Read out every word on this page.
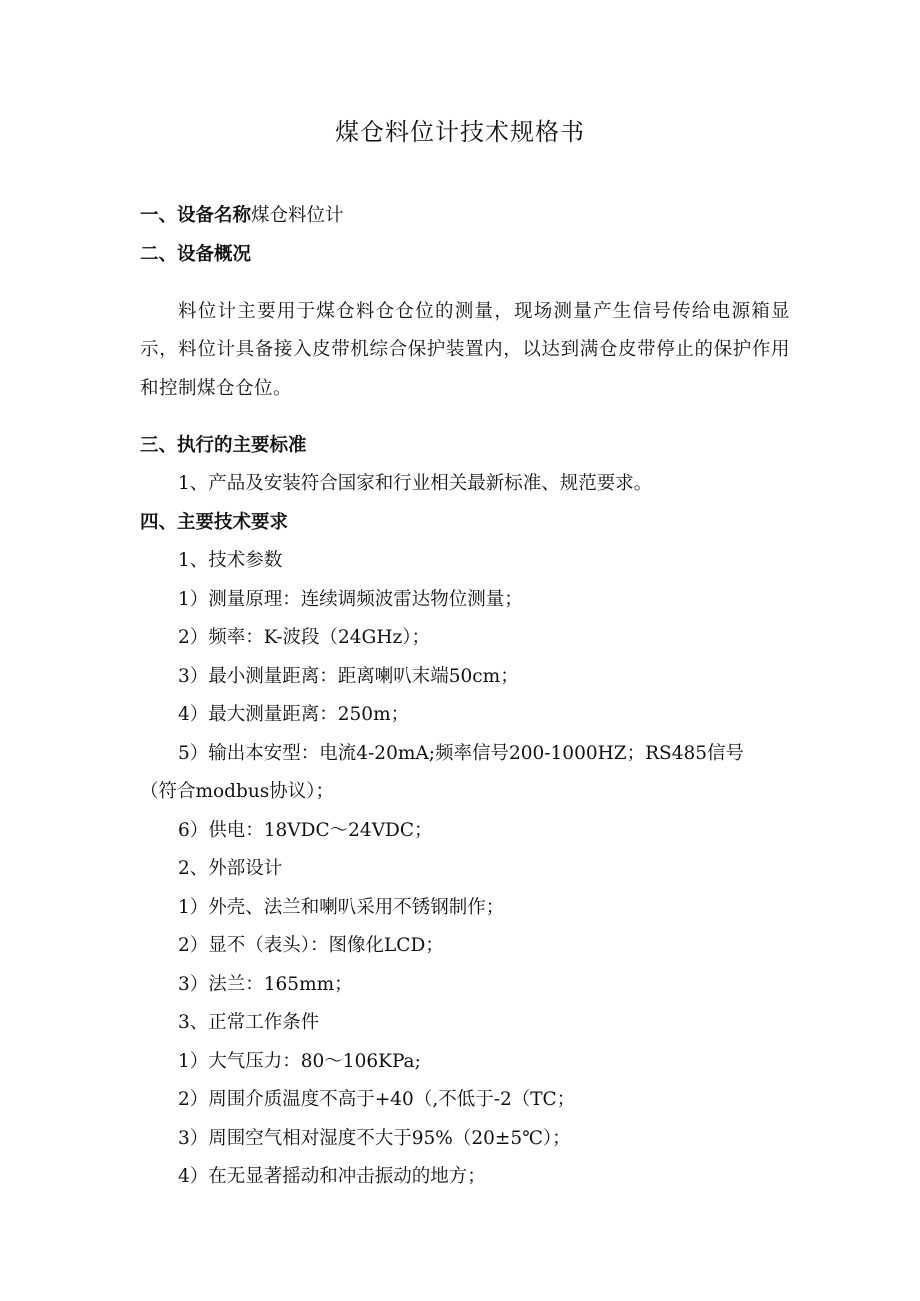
煤仓料位计技术规格书

一、设备名称煤仓料位计

二、设备概况

料位计主要用于煤仓料仓仓位的测量，现场测量产生信号传给电源箱显示，料位计具备接入皮带机综合保护装置内，以达到满仓皮带停止的保护作用和控制煤仓仓位。

三、执行的主要标准

1、产品及安装符合国家和行业相关最新标准、规范要求。

四、主要技术要求

1、技术参数

1）测量原理：连续调频波雷达物位测量；

2）频率：K-波段（24GHz）；

3）最小测量距离：距离喇叭末端50cm；

4）最大测量距离：250m；

5）输出本安型：电流4-20mA;频率信号200-1000HZ；RS485信号

（符合modbus协议）；

6）供电：18VDC～24VDC；

2、外部设计

1）外壳、法兰和喇叭采用不锈钢制作；

2）显不（表头）：图像化LCD；

3）法兰：165mm；

3、正常工作条件

1）大气压力：80～106KPa;

2）周围介质温度不高于+40（,不低于-2（TC；

3）周围空气相对湿度不大于95%（20±5℃）；

4）在无显著摇动和冲击振动的地方；
